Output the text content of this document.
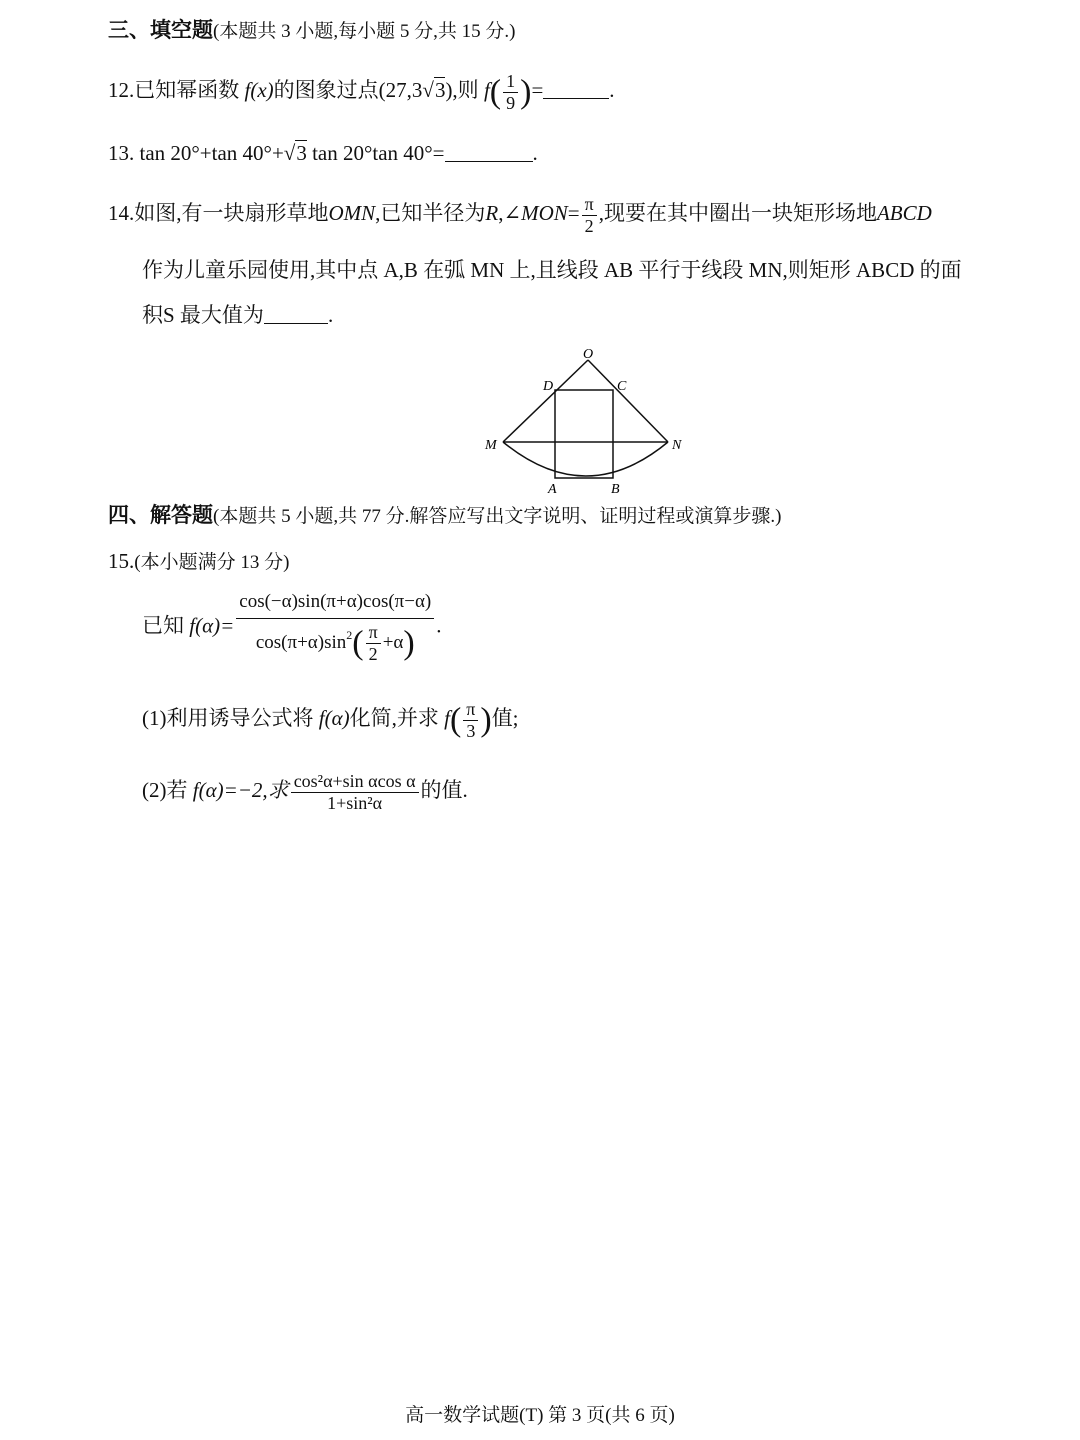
三、填空题(本题共 3 小题,每小题 5 分,共 15 分.)
12.已知幂函数 f(x)的图象过点(27,3√3),则 $f( \frac{1}{9}$ )=	.
13. tan 20°+tan 40°+√3 tan 20°tan 40°=	.
14.如图,有一块扇形草地OMN,已知半径为R,∠MON= $\frac{\pi}{2}$ ,现要在其中圈出一块矩形场地ABCD
作为儿童乐园使用,其中点 A,B 在弧 MN 上,且线段 AB 平行于线段 MN,则矩形 ABCD 的面
积S 最大值为	.
O
D	C
M	N
A	B
四、解答题(本题共 5 小题,共 77 分.解答应写出文字说明、证明过程或演算步骤.)
15.(本小题满分 13 分)
已知 $f(\alpha)= \frac{\cos(-\alpha)\sin(\pi+\alpha)\cos(\pi-\alpha)}{\cos(\pi+\alpha)\sin^2( \frac{\pi}{2} +\alpha)}$ .
(1)利用诱导公式将 f(α)化简,并求 $f( \frac{\pi}{3}$ )值;
(2)若 f(α)=−2,求 $\frac{\text{cos²α+sin αcos α}}{\text{1+sin²α}}$ 的值.
高一数学试题(T) 第 3 页(共 6 页)
